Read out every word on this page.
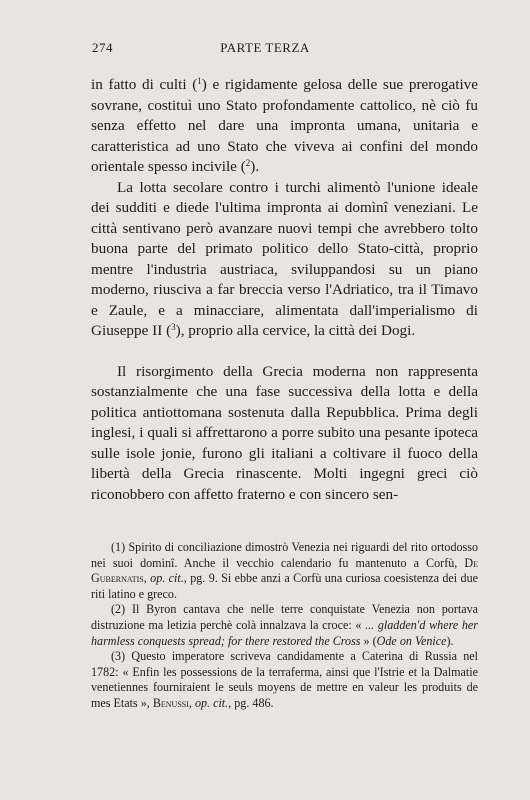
274	PARTE TERZA

in fatto di culti ($^1$) e rigidamente gelosa delle sue prerogative sovrane, costituì uno Stato profondamente cattolico, nè ciò fu senza effetto nel dare una impronta umana, unitaria e caratteristica ad uno Stato che viveva ai confini del mondo orientale spesso incivile ($^2$).

La lotta secolare contro i turchi alimentò l'unione ideale dei sudditi e diede l'ultima impronta ai domìnî veneziani. Le città sentivano però avanzare nuovi tempi che avrebbero tolto buona parte del primato politico dello Stato-città, proprio mentre l'industria austriaca, sviluppandosi su un piano moderno, riusciva a far breccia verso l'Adriatico, tra il Timavo e Zaule, e a minacciare, alimentata dall'imperialismo di Giuseppe II ($^3$), proprio alla cervice, la città dei Dogi.

Il risorgimento della Grecia moderna non rappresenta sostanzialmente che una fase successiva della lotta e della politica antiottomana sostenuta dalla Repubblica. Prima degli inglesi, i quali si affrettarono a porre subito una pesante ipoteca sulle isole jonie, furono gli italiani a coltivare il fuoco della libertà della Grecia rinascente. Molti ingegni greci ciò riconobbero con affetto fraterno e con sincero sen-

(1) Spirito di conciliazione dimostrò Venezia nei riguardi del rito ortodosso nei suoi domìnî. Anche il vecchio calendario fu mantenuto a Corfù, De Gubernatis, op. cit., pg. 9. Si ebbe anzi a Corfù una curiosa coesistenza dei due riti latino e greco.

(2) Il Byron cantava che nelle terre conquistate Venezia non portava distruzione ma letizia perchè colà innalzava la croce: « ... gladden'd where her harmless conquests spread; for there restored the Cross » (Ode on Venice).

(3) Questo imperatore scriveva candidamente a Caterina di Russia nel 1782: « Enfin les possessions de la terraferma, ainsi que l'Istrie et la Dalmatie venetiennes fourniraient le seuls moyens de mettre en valeur les produits de mes Etats », Benussi, op. cit., pg. 486.
